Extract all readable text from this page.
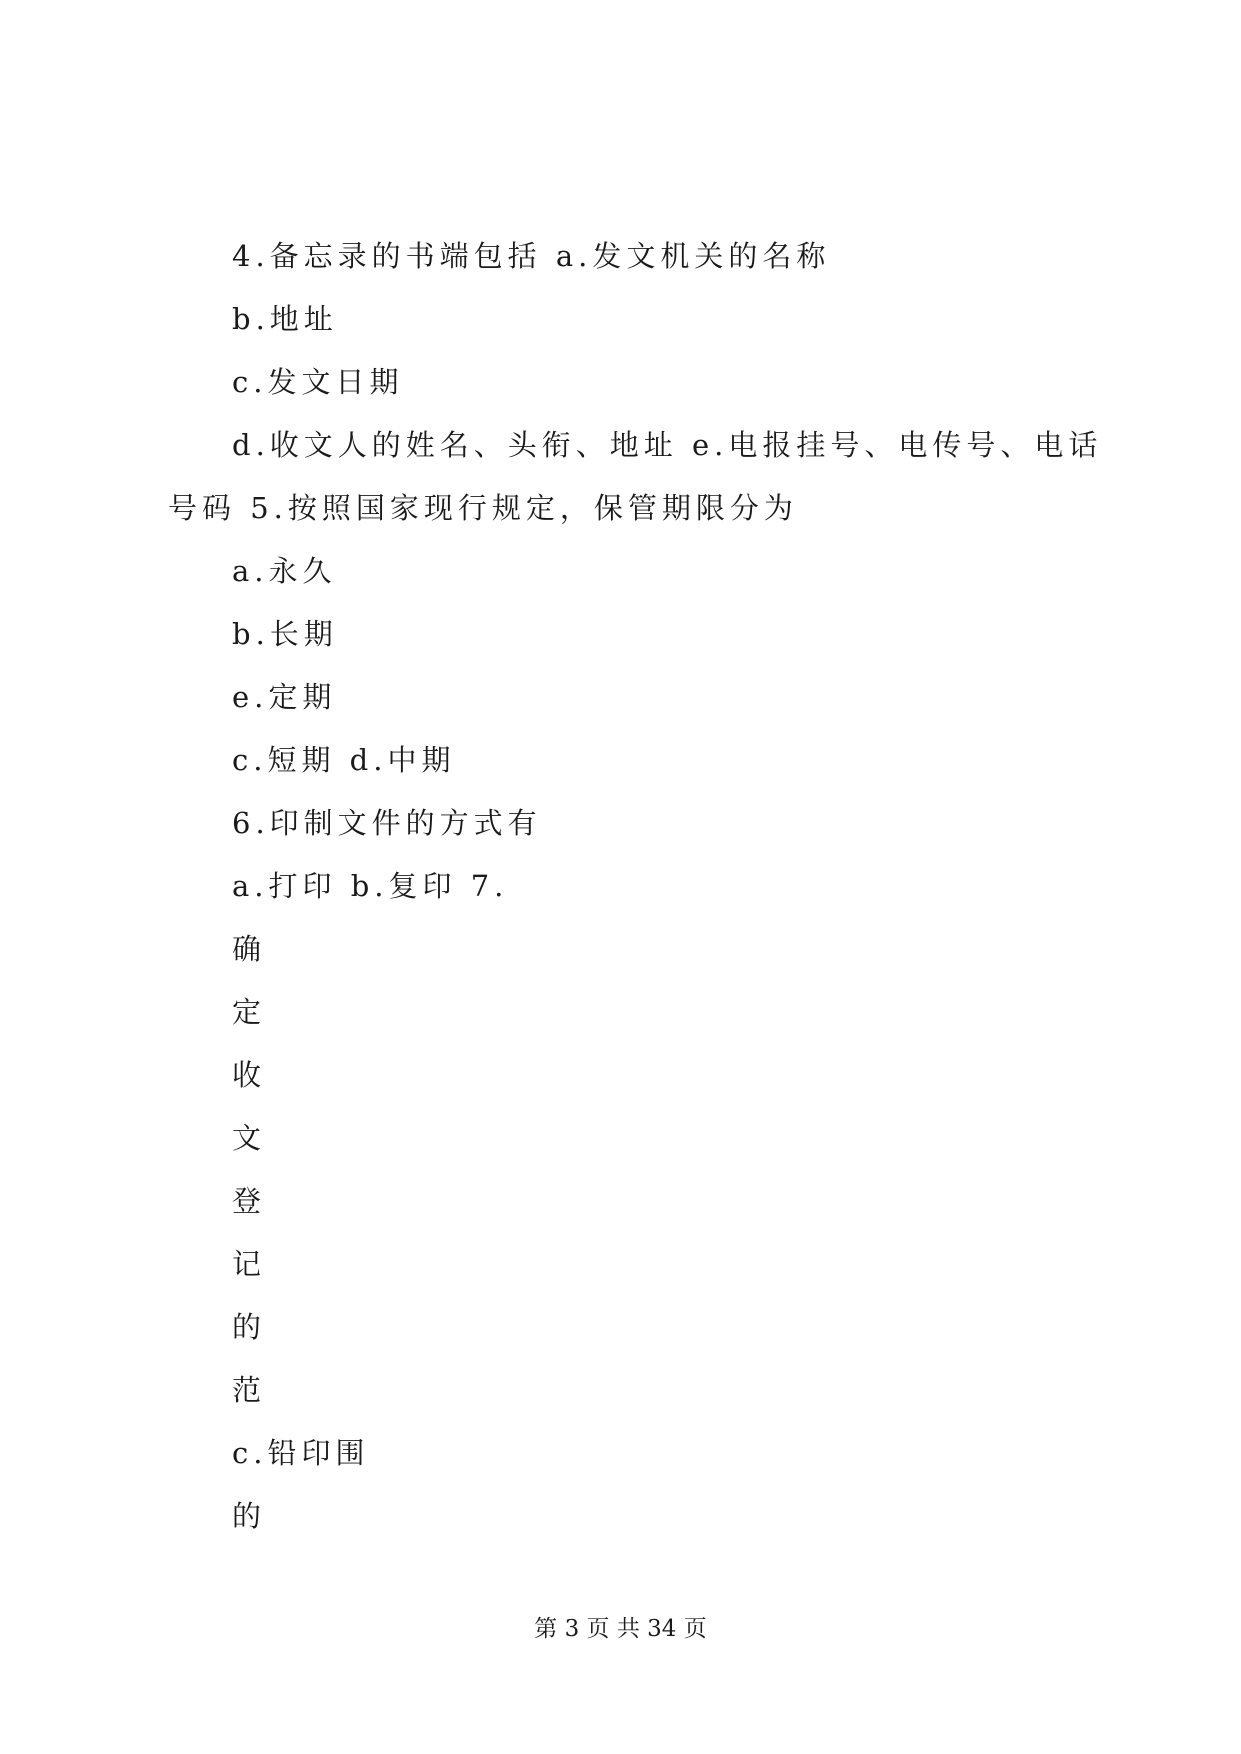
4.备忘录的书端包括 a.发文机关的名称
b.地址
c.发文日期
d.收文人的姓名、头衔、地址 e.电报挂号、电传号、电话
号码 5.按照国家现行规定，保管期限分为
a.永久
b.长期
e.定期
c.短期 d.中期
6.印制文件的方式有
a.打印 b.复印 7.
确
定
收
文
登
记
的
范
c.铅印围
的
第 3 页 共 34 页
